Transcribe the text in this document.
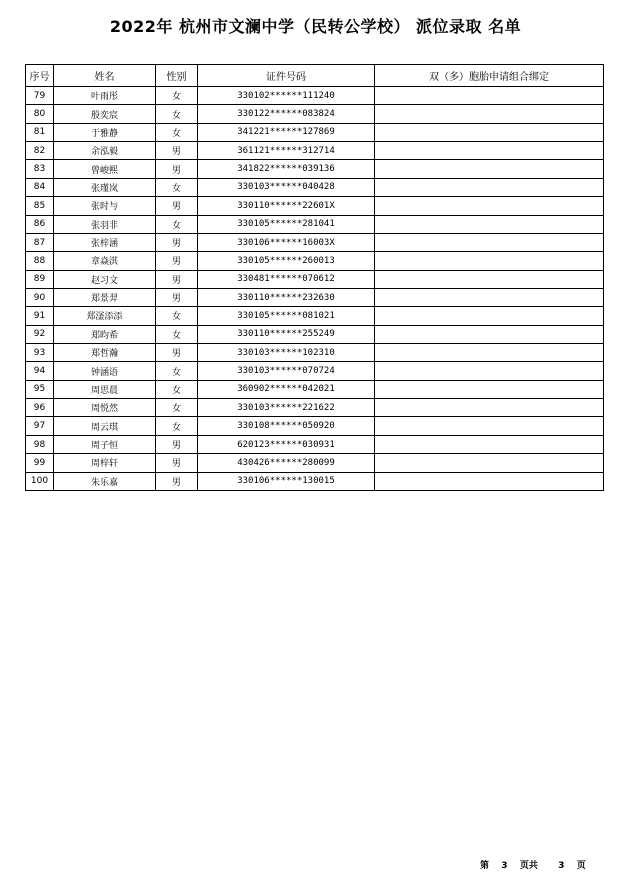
2022年 杭州市文澜中学（民转公学校） 派位录取 名单
序号	姓名	性别	证件号码	双（多）胞胎申请组合绑定
79	叶雨彤	女	330102******111240	
80	殷奕宸	女	330122******083824	
81	于雅静	女	341221******127869	
82	余泓毅	男	361121******312714	
83	曾峻熙	男	341822******039136	
84	张瑾岚	女	330103******040428	
85	张时与	男	330110******22601X	
86	张羽非	女	330105******281041	
87	张梓涵	男	330106******16003X	
88	章焱淇	男	330105******260013	
89	赵习文	男	330481******070612	
90	郑景羿	男	330110******232630	
91	郑滏添添	女	330105******081021	
92	郑昀希	女	330110******255249	
93	郑哲瀚	男	330103******102310	
94	钟涵语	女	330103******070724	
95	周思晨	女	360902******042021	
96	周悦然	女	330103******221622	
97	周云琪	女	330108******050920	
98	周子恒	男	620123******030931	
99	周梓轩	男	430426******280099	
100	朱乐嘉	男	330106******130015	
第 3 页共 3 页
